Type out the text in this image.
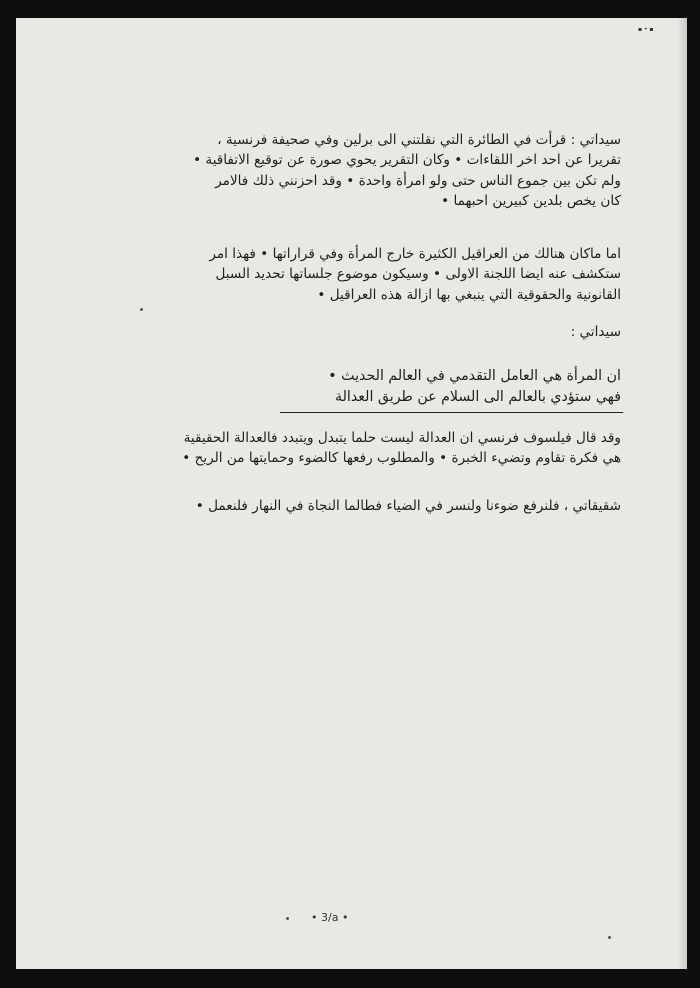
▪ • ▪
سيداتي : قرأت في الطائرة التي نقلتني الى برلين وفي صحيفة فرنسية ،
تقريرا عن احد اخر اللقاءات • وكان التقرير يحوي صورة عن توقيع الاتفاقية •
ولم تكن بين جموع الناس حتى ولو امرأة واحدة • وقد احزنني ذلك فالامر
كان يخص بلدين كبيرين احبهما •
اما ماكان هنالك من العراقيل الكثيرة خارج المرأة وفي قراراتها • فهذا امر
ستكشف عنه ايضا اللجنة الاولى • وسيكون موضوع جلساتها تحديد السبل
القانونية والحقوقية التي ينبغي بها ازالة هذه العراقيل •
سيداتي :
ان المرأة هي العامل التقدمي في العالم الحديث •
فهي ستؤدي بالعالم الى السلام عن طريق العدالة
وقد قال فيلسوف فرنسي ان العدالة ليست حلما يتبدل ويتبدد فالعدالة الحقيقية
هي فكرة تقاوم وتضيء الخبرة • والمطلوب رفعها كالضوء وحمايتها من الريح •
شقيقاتي ، فلنرفع ضوءنا ولنسر في الضياء فطالما النجاة في النهار فلنعمل •
• 3/a •
